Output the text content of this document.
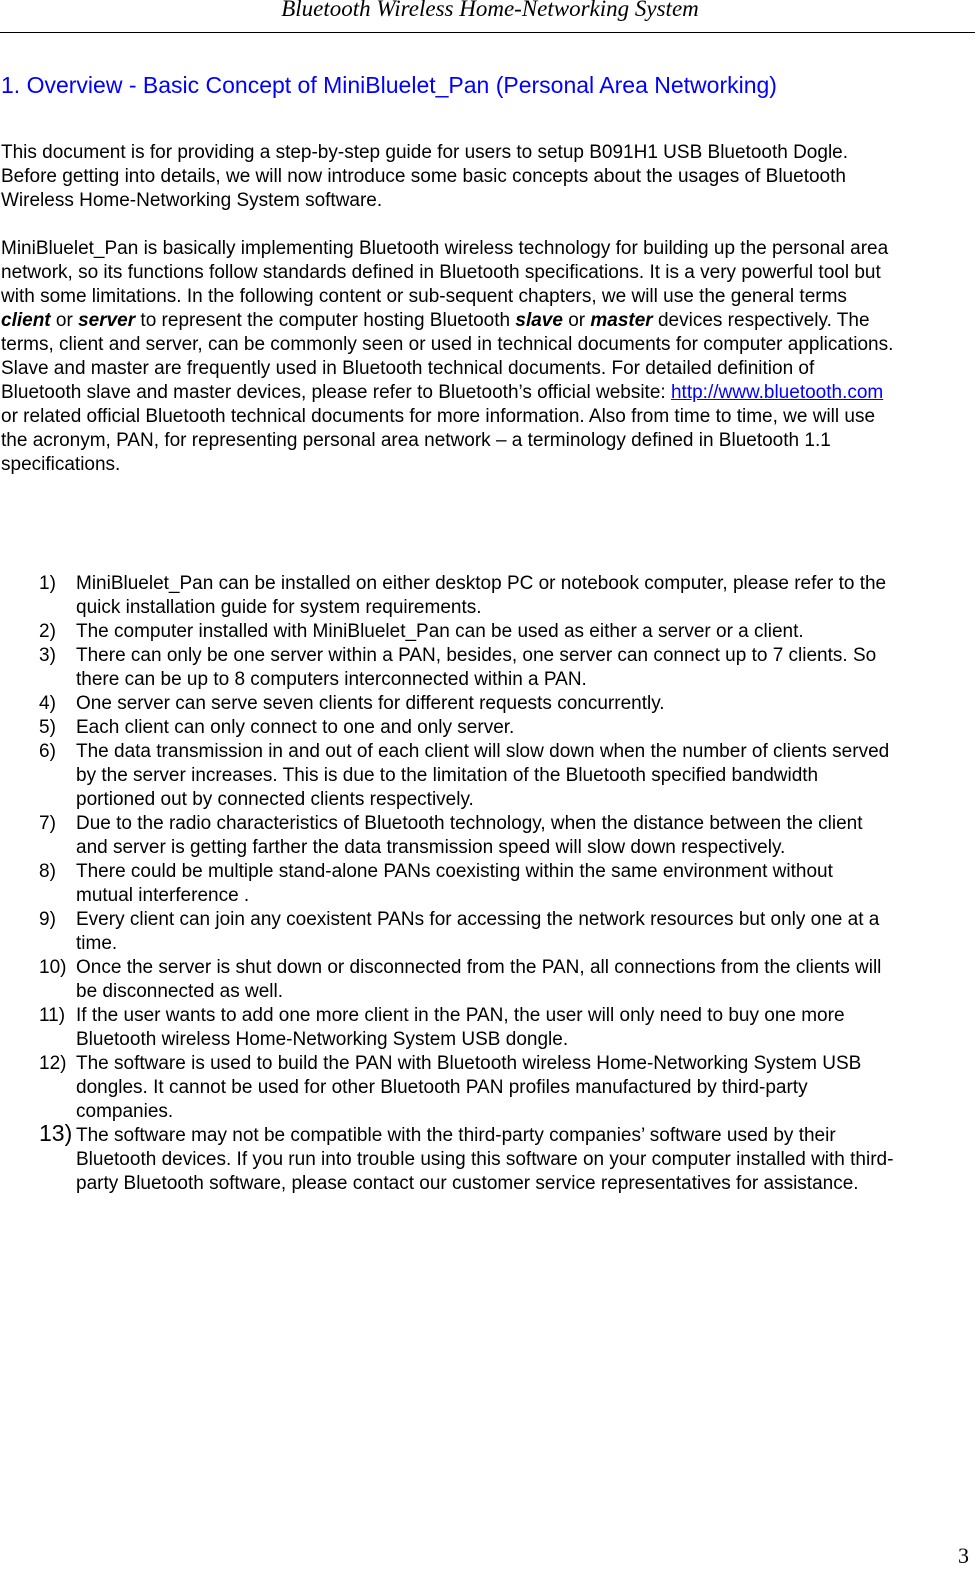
Bluetooth Wireless Home-Networking System
1. Overview - Basic Concept of MiniBluelet_Pan (Personal Area Networking)
This document is for providing a step-by-step guide for users to setup B091H1 USB Bluetooth Dogle.
Before getting into details, we will now introduce some basic concepts about the usages of Bluetooth
Wireless Home-Networking System software.
MiniBluelet_Pan is basically implementing Bluetooth wireless technology for building up the personal area
network, so its functions follow standards defined in Bluetooth specifications. It is a very powerful tool but
with some limitations. In the following content or sub-sequent chapters, we will use the general terms
client or server to represent the computer hosting Bluetooth slave or master devices respectively. The
terms, client and server, can be commonly seen or used in technical documents for computer applications.
Slave and master are frequently used in Bluetooth technical documents. For detailed definition of
Bluetooth slave and master devices, please refer to Bluetooth’s official website: http://www.bluetooth.com
or related official Bluetooth technical documents for more information. Also from time to time, we will use
the acronym, PAN, for representing personal area network – a terminology defined in Bluetooth 1.1
specifications.
1) MiniBluelet_Pan can be installed on either desktop PC or notebook computer, please refer to the
quick installation guide for system requirements.
2) The computer installed with MiniBluelet_Pan can be used as either a server or a client.
3) There can only be one server within a PAN, besides, one server can connect up to 7 clients. So
there can be up to 8 computers interconnected within a PAN.
4) One server can serve seven clients for different requests concurrently.
5) Each client can only connect to one and only server.
6) The data transmission in and out of each client will slow down when the number of clients served
by the server increases. This is due to the limitation of the Bluetooth specified bandwidth
portioned out by connected clients respectively.
7) Due to the radio characteristics of Bluetooth technology, when the distance between the client
and server is getting farther the data transmission speed will slow down respectively.
8) There could be multiple stand-alone PANs coexisting within the same environment without
mutual interference .
9) Every client can join any coexistent PANs for accessing the network resources but only one at a
time.
10) Once the server is shut down or disconnected from the PAN, all connections from the clients will
be disconnected as well.
11) If the user wants to add one more client in the PAN, the user will only need to buy one more
Bluetooth wireless Home-Networking System USB dongle.
12) The software is used to build the PAN with Bluetooth wireless Home-Networking System USB
dongles. It cannot be used for other Bluetooth PAN profiles manufactured by third-party
companies.
13) The software may not be compatible with the third-party companies’ software used by their
Bluetooth devices. If you run into trouble using this software on your computer installed with third-
party Bluetooth software, please contact our customer service representatives for assistance.
3
